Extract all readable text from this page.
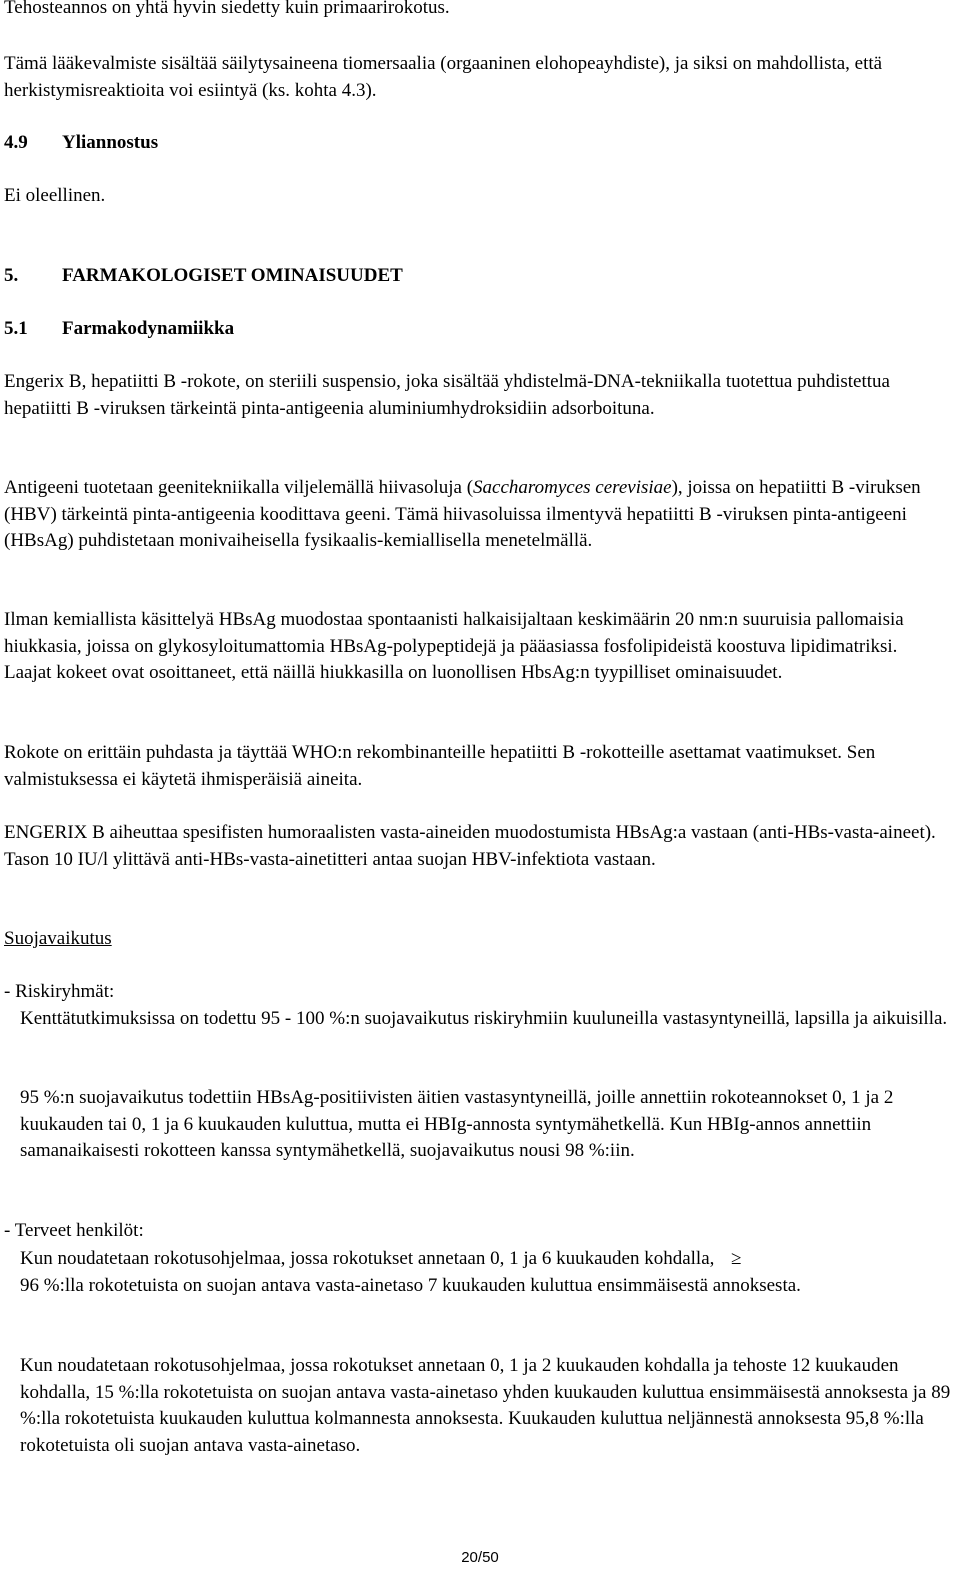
Tehosteannos on yhtä hyvin siedetty kuin primaarirokotus.

Tämä lääkevalmiste sisältää säilytysaineena tiomersaalia (orgaaninen elohopeayhdiste), ja siksi on mahdollista, että herkistymisreaktioita voi esiintyä (ks. kohta 4.3).

4.9 Yliannostus

Ei oleellinen.

5. FARMAKOLOGISET OMINAISUUDET

5.1 Farmakodynamiikka

Engerix B, hepatiitti B -rokote, on steriili suspensio, joka sisältää yhdistelmä-DNA-tekniikalla tuotettua puhdistettua hepatiitti B -viruksen tärkeintä pinta-antigeenia aluminiumhydroksidiin adsorboituna.

Antigeeni tuotetaan geenitekniikalla viljelemällä hiivasoluja (Saccharomyces cerevisiae), joissa on hepatiitti B -viruksen (HBV) tärkeintä pinta-antigeenia koodittava geeni. Tämä hiivasoluissa ilmentyvä hepatiitti B -viruksen pinta-antigeeni (HBsAg) puhdistetaan monivaiheisella fysikaalis-kemiallisella menetelmällä.

Ilman kemiallista käsittelyä HBsAg muodostaa spontaanisti halkaisijaltaan keskimäärin 20 nm:n suuruisia pallomaisia hiukkasia, joissa on glykosyloitumattomia HBsAg-polypeptidejä ja pääasiassa fosfolipideistä koostuva lipidimatriksi. Laajat kokeet ovat osoittaneet, että näillä hiukkasilla on luonollisen HbsAg:n tyypilliset ominaisuudet.

Rokote on erittäin puhdasta ja täyttää WHO:n rekombinanteille hepatiitti B -rokotteille asettamat vaatimukset. Sen valmistuksessa ei käytetä ihmisperäisiä aineita.

ENGERIX B aiheuttaa spesifisten humoraalisten vasta-aineiden muodostumista HBsAg:a vastaan (anti-HBs-vasta-aineet). Tason 10 IU/l ylittävä anti-HBs-vasta-ainetitteri antaa suojan HBV-infektiota vastaan.

Suojavaikutus

- Riskiryhmät:

Kenttätutkimuksissa on todettu 95 - 100 %:n suojavaikutus riskiryhmiin kuuluneilla vastasyntyneillä, lapsilla ja aikuisilla.

95 %:n suojavaikutus todettiin HBsAg-positiivisten äitien vastasyntyneillä, joille annettiin rokoteannokset 0, 1 ja 2 kuukauden tai 0, 1 ja 6 kuukauden kuluttua, mutta ei HBIg-annosta syntymähetkellä. Kun HBIg-annos annettiin samanaikaisesti rokotteen kanssa syntymähetkellä, suojavaikutus nousi 98 %:iin.

- Terveet henkilöt:

Kun noudatetaan rokotusohjelmaa, jossa rokotukset annetaan 0, 1 ja 6 kuukauden kohdalla, ≥
96 %:lla rokotetuista on suojan antava vasta-ainetaso 7 kuukauden kuluttua ensimmäisestä annoksesta.

Kun noudatetaan rokotusohjelmaa, jossa rokotukset annetaan 0, 1 ja 2 kuukauden kohdalla ja tehoste 12 kuukauden kohdalla, 15 %:lla rokotetuista on suojan antava vasta-ainetaso yhden kuukauden kuluttua ensimmäisestä annoksesta ja 89 %:lla rokotetuista kuukauden kuluttua kolmannesta annoksesta. Kuukauden kuluttua neljännestä annoksesta 95,8 %:lla rokotetuista oli suojan antava vasta-ainetaso.

20/50
